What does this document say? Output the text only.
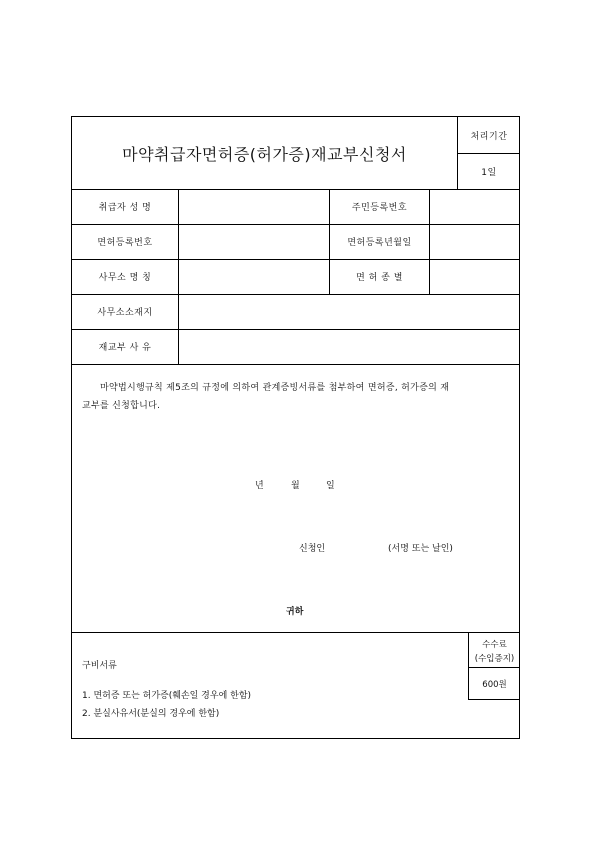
마약취급자면허증(허가증)재교부신청서
처리기간
1일
취급자 성 명	주민등록번호
면허등록번호	면허등록년월일
사무소 명 칭	면 허 종 별
사무소소재지
재교부 사 유
마약법시행규칙 제5조의 규정에 의하여 관계증빙서류를 첨부하여 면허증, 허가증의 재
교부를 신청합니다.
년	월	일
신청인	(서명 또는 날인)
귀하
구비서류
1. 면허증 또는 허가증(훼손일 경우에 한함)
2. 분실사유서(분실의 경우에 한함)
수수료
(수입증지)
600원
